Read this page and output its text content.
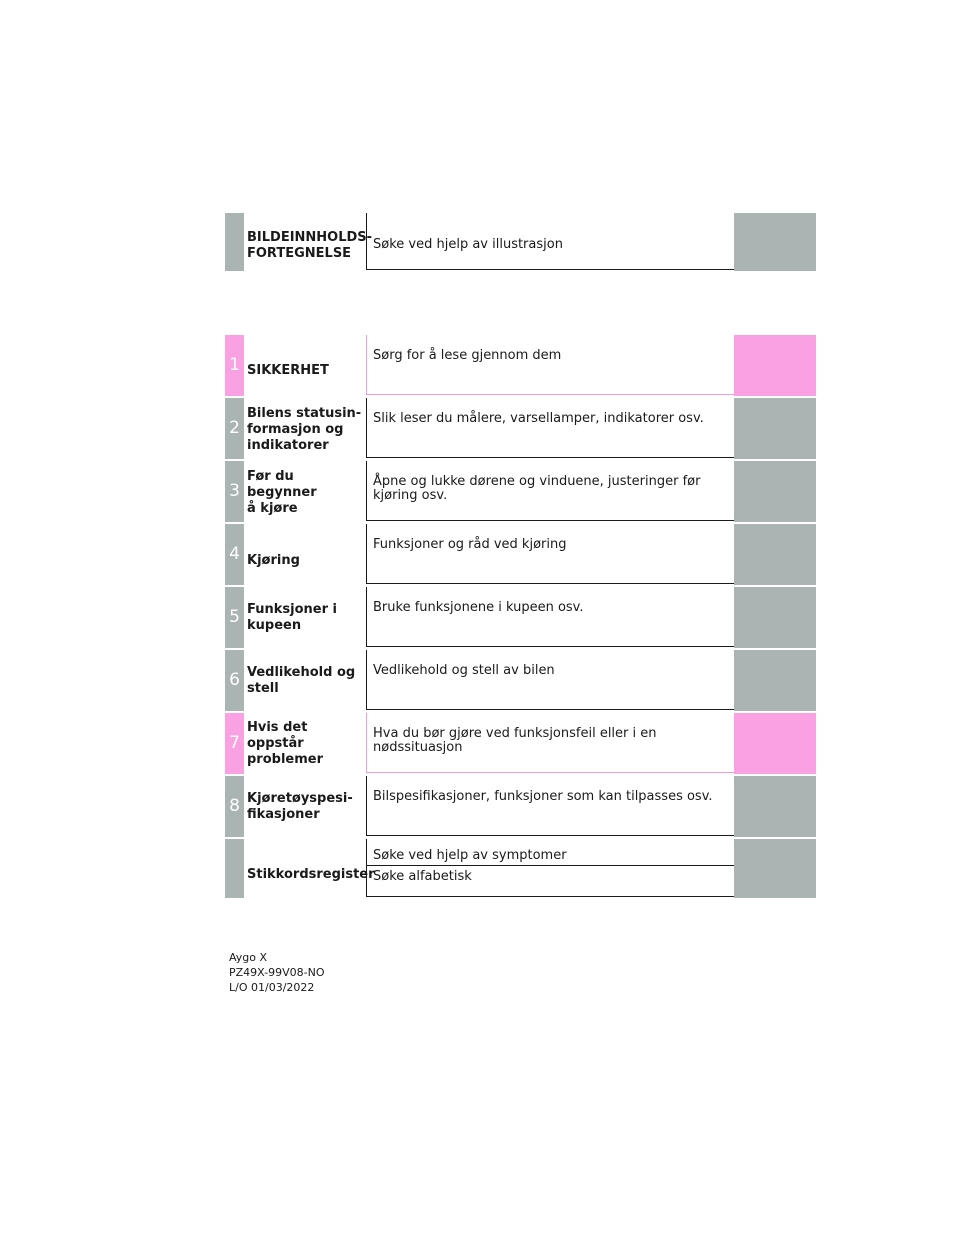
BILDEINNHOLDS-
FORTEGNELSE
Søke ved hjelp av illustrasjon
1 SIKKERHET
Sørg for å lese gjennom dem
2
Bilens statusin-
formasjon og
indikatorer
Slik leser du målere, varsellamper, indikatorer osv.
3
Før du begynner
å kjøre
Åpne og lukke dørene og vinduene, justeringer før
kjøring osv.
4 Kjøring
Funksjoner og råd ved kjøring
5 Funksjoner i
kupeen
Bruke funksjonene i kupeen osv.
6 Vedlikehold og
stell
Vedlikehold og stell av bilen
7
Hvis det oppstår
problemer
Hva du bør gjøre ved funksjonsfeil eller i en nødssituasjon
8 Kjøretøyspesi-
fikasjoner
Bilspesifikasjoner, funksjoner som kan tilpasses osv.
Stikkordsregister
Søke ved hjelp av symptomer
Søke alfabetisk
Aygo X
PZ49X-99V08-NO
L/O 01/03/2022
